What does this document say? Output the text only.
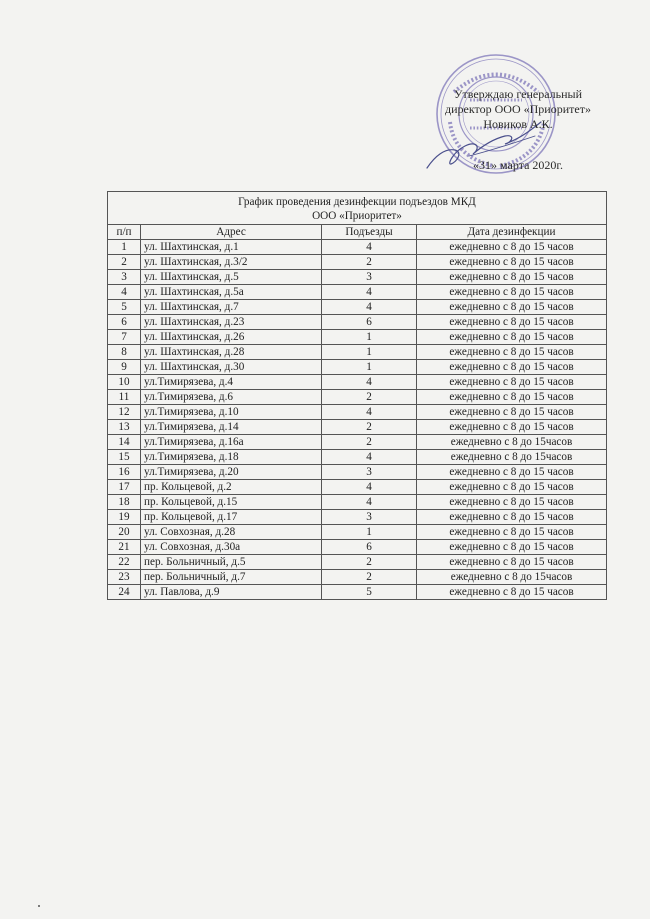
Утверждаю генеральный
директор ООО «Приоритет»
Новиков А.К.
«31» марта 2020г.
График проведения дезинфекции подъездов МКД
ООО «Приоритет»			

п/п	Адрес	Подъезды	Дата дезинфекции
1	ул. Шахтинская, д.1	4	ежедневно с 8 до 15 часов
2	ул. Шахтинская, д.3/2	2	ежедневно с 8 до 15 часов
3	ул. Шахтинская, д.5	3	ежедневно с 8 до 15 часов
4	ул. Шахтинская, д.5а	4	ежедневно с 8 до 15 часов
5	ул. Шахтинская, д.7	4	ежедневно с 8 до 15 часов
6	ул. Шахтинская, д.23	6	ежедневно с 8 до 15 часов
7	ул. Шахтинская, д.26	1	ежедневно с 8 до 15 часов
8	ул. Шахтинская, д.28	1	ежедневно с 8 до 15 часов
9	ул. Шахтинская, д.30	1	ежедневно с 8 до 15 часов
10	ул.Тимирязева, д.4	4	ежедневно с 8 до 15 часов
11	ул.Тимирязева, д.6	2	ежедневно с 8 до 15 часов
12	ул.Тимирязева, д.10	4	ежедневно с 8 до 15 часов
13	ул.Тимирязева, д.14	2	ежедневно с 8 до 15 часов
14	ул.Тимирязева, д.16а	2	ежедневно с 8 до 15часов
15	ул.Тимирязева, д.18	4	ежедневно с 8 до 15часов
16	ул.Тимирязева, д.20	3	ежедневно с 8 до 15 часов
17	пр. Кольцевой, д.2	4	ежедневно с 8 до 15 часов
18	пр. Кольцевой, д.15	4	ежедневно с 8 до 15 часов
19	пр. Кольцевой, д.17	3	ежедневно с 8 до 15 часов
20	ул. Совхозная, д.28	1	ежедневно с 8 до 15 часов
21	ул. Совхозная, д.30а	6	ежедневно с 8 до 15 часов
22	пер. Больничный, д.5	2	ежедневно с 8 до 15 часов
23	пер. Больничный, д.7	2	ежедневно с 8 до 15часов
24	ул. Павлова, д.9	5	ежедневно с 8 до 15 часов
